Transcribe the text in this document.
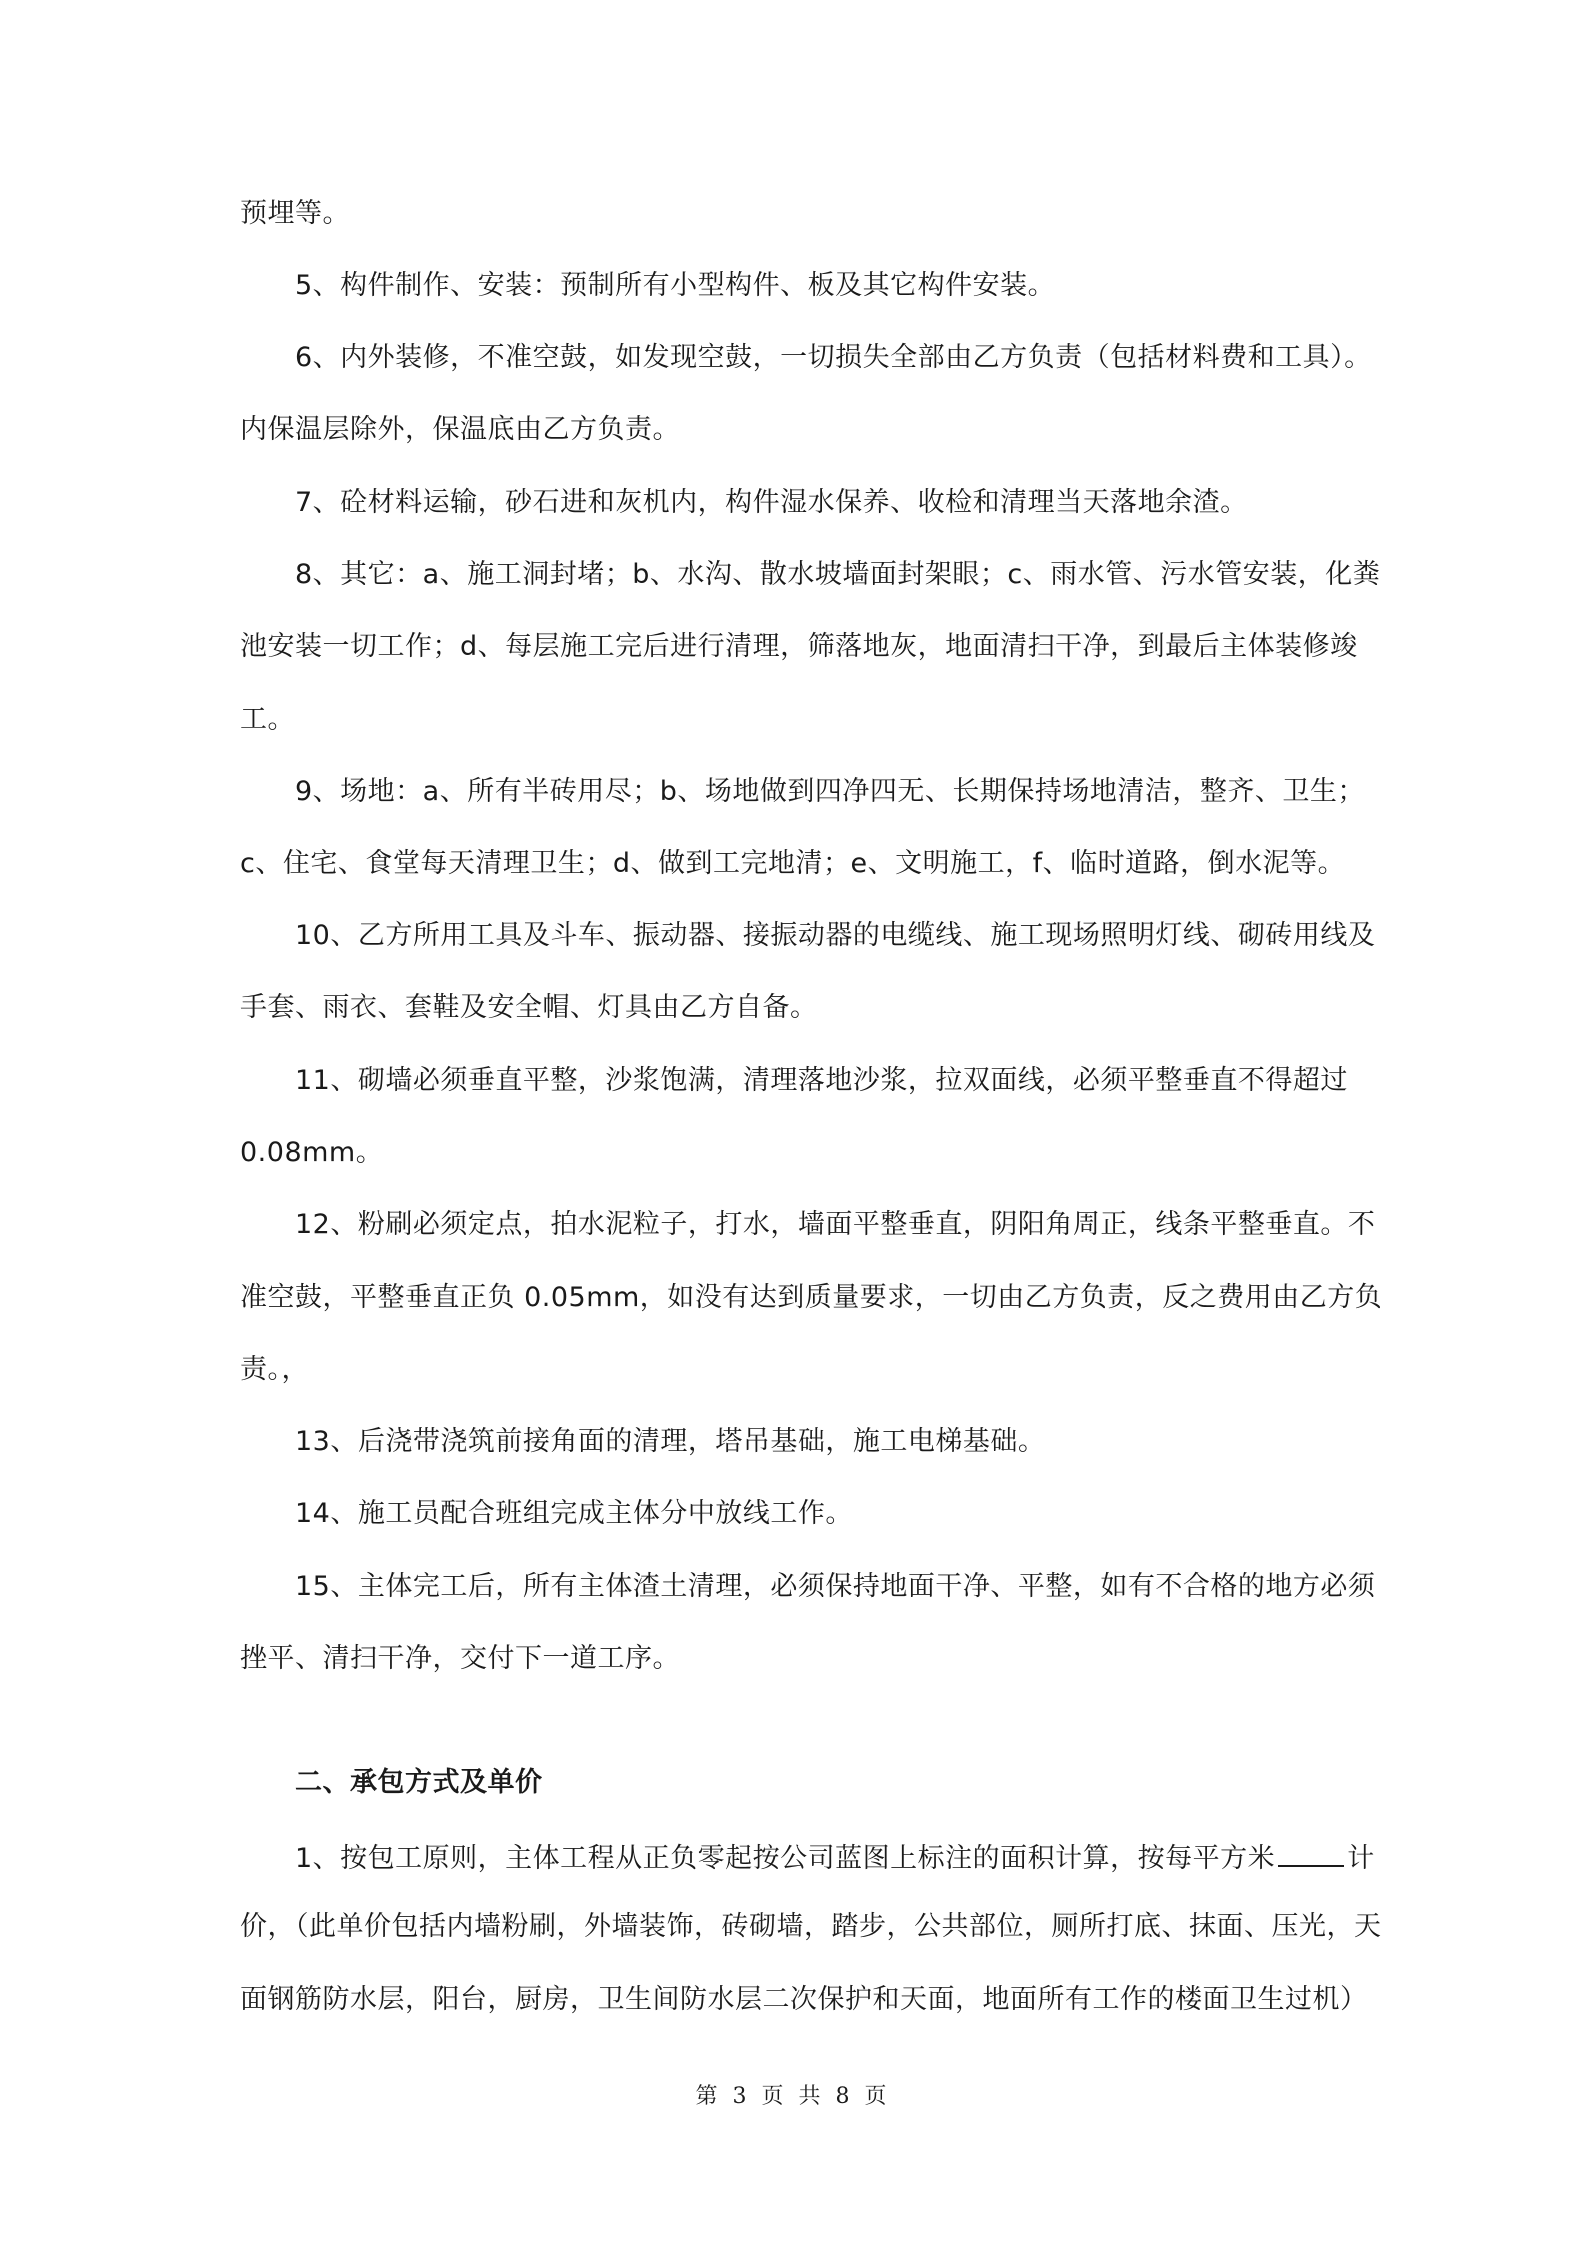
预埋等。
5、构件制作、安装：预制所有小型构件、板及其它构件安装。
6、内外装修，不准空鼓，如发现空鼓，一切损失全部由乙方负责（包括材料费和工具）。
内保温层除外，保温底由乙方负责。
7、砼材料运输，砂石进和灰机内，构件湿水保养、收检和清理当天落地余渣。
8、其它：a、施工洞封堵；b、水沟、散水坡墙面封架眼；c、雨水管、污水管安装，化粪
池安装一切工作；d、每层施工完后进行清理，筛落地灰，地面清扫干净，到最后主体装修竣
工。
9、场地：a、所有半砖用尽；b、场地做到四净四无、长期保持场地清洁，整齐、卫生；
c、住宅、食堂每天清理卫生；d、做到工完地清；e、文明施工，f、临时道路，倒水泥等。
10、乙方所用工具及斗车、振动器、接振动器的电缆线、施工现场照明灯线、砌砖用线及
手套、雨衣、套鞋及安全帽、灯具由乙方自备。
11、砌墙必须垂直平整，沙浆饱满，清理落地沙浆，拉双面线，必须平整垂直不得超过
0.08mm。
12、粉刷必须定点，拍水泥粒子，打水，墙面平整垂直，阴阳角周正，线条平整垂直。不
准空鼓，平整垂直正负 0.05mm，如没有达到质量要求，一切由乙方负责，反之费用由乙方负
责。，
13、后浇带浇筑前接角面的清理，塔吊基础，施工电梯基础。
14、施工员配合班组完成主体分中放线工作。
15、主体完工后，所有主体渣土清理，必须保持地面干净、平整，如有不合格的地方必须
挫平、清扫干净，交付下一道工序。
二、承包方式及单价
1、按包工原则，主体工程从正负零起按公司蓝图上标注的面积计算，按每平方米	计
价，（此单价包括内墙粉刷，外墙装饰，砖砌墙，踏步，公共部位，厕所打底、抹面、压光，天
面钢筋防水层，阳台，厨房，卫生间防水层二次保护和天面，地面所有工作的楼面卫生过机）
第 3 页 共 8 页
